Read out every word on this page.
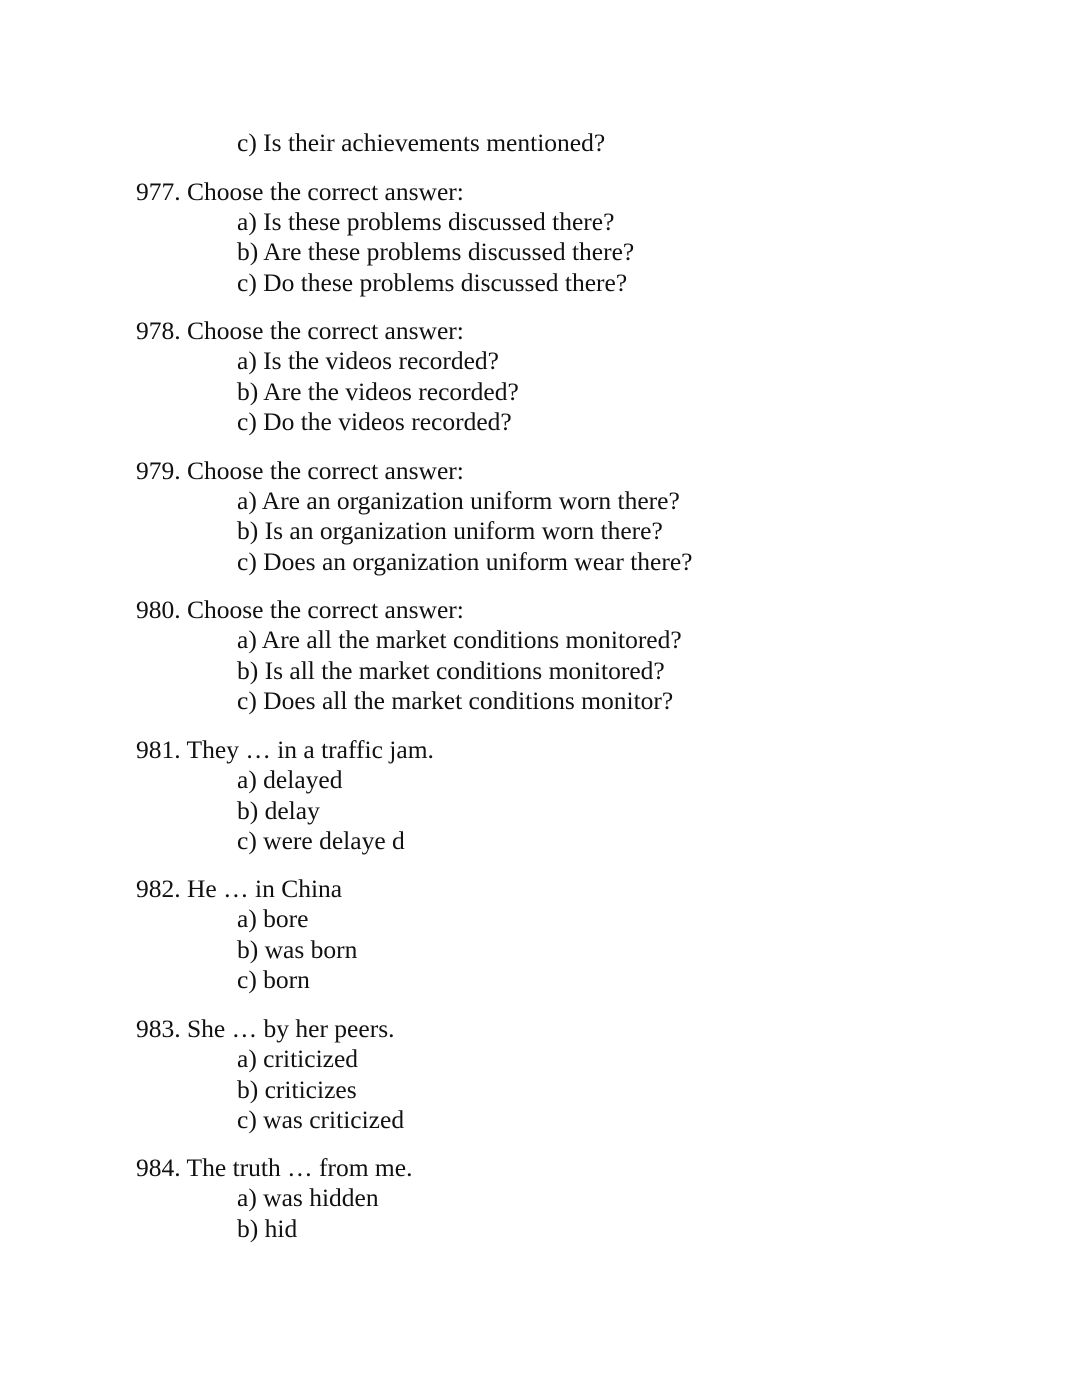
c) Is their achievements mentioned?
977. Choose the correct answer:
a) Is these problems discussed there?
b) Are these problems discussed there?
c) Do these problems discussed there?
978. Choose the correct answer:
a) Is the videos recorded?
b) Are the videos recorded?
c) Do the videos recorded?
979. Choose the correct answer:
a) Are an organization uniform worn there?
b) Is an organization uniform worn there?
c) Does an organization uniform wear there?
980. Choose the correct answer:
a) Are all the market conditions monitored?
b) Is all the market conditions monitored?
c) Does all the market conditions monitor?
981. They … in a traffic jam.
a) delayed
b) delay
c) were delaye d
982. He … in China
a) bore
b) was born
c) born
983. She … by her peers.
a) criticized
b) criticizes
c) was criticized
984. The truth … from me.
a) was hidden
b) hid
